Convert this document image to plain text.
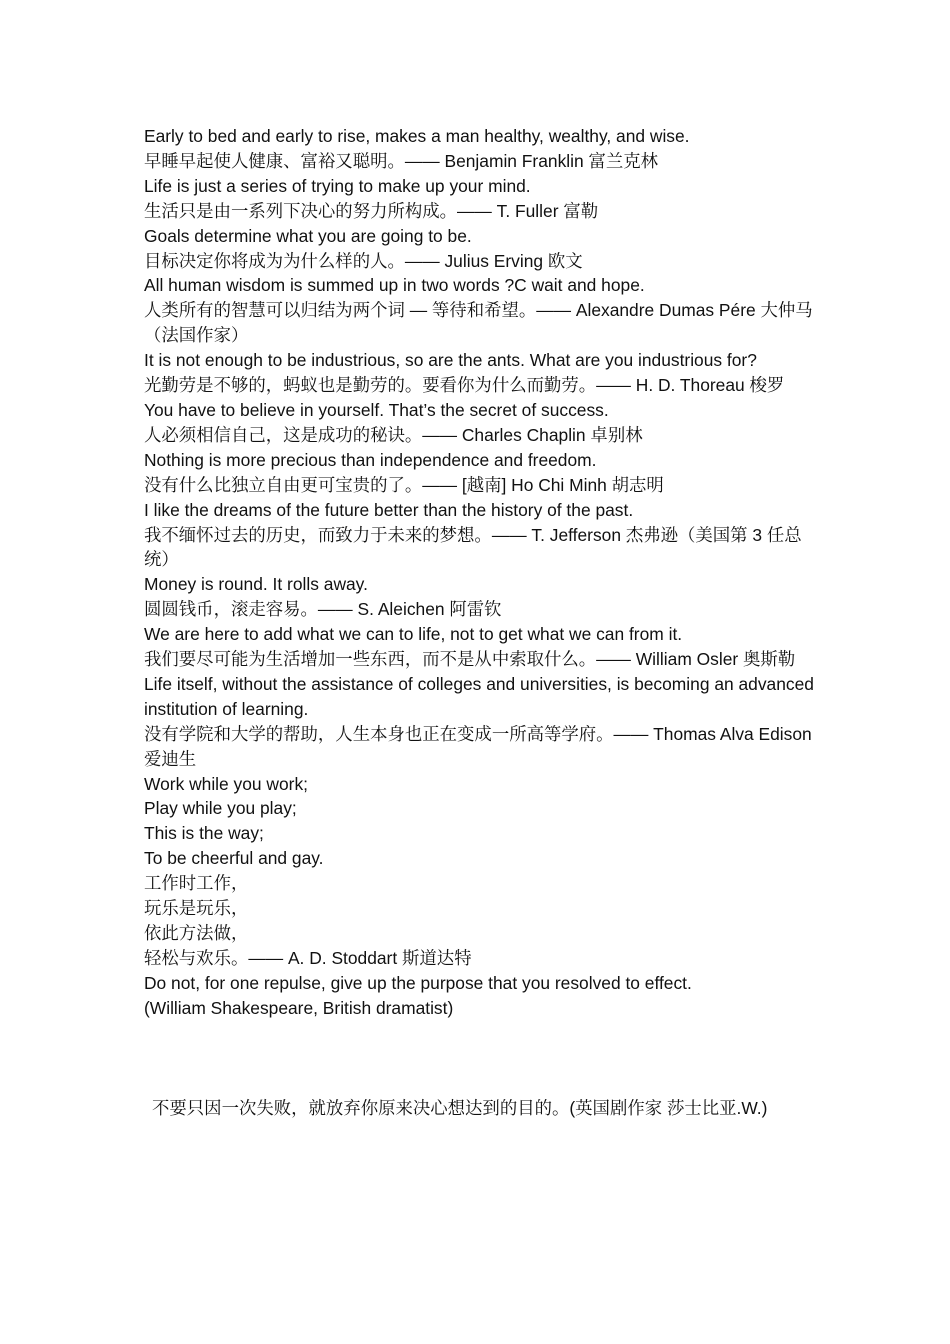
Early to bed and early to rise, makes a man healthy, wealthy, and wise.
早睡早起使人健康、富裕又聪明。—— Benjamin Franklin 富兰克林
Life is just a series of trying to make up your mind.
生活只是由一系列下决心的努力所构成。—— T. Fuller 富勒
Goals determine what you are going to be.
目标决定你将成为为什么样的人。—— Julius Erving 欧文
All human wisdom is summed up in two words ?C wait and hope.
人类所有的智慧可以归结为两个词 — 等待和希望。—— Alexandre Dumas Pére 大仲马（法国作家）
It is not enough to be industrious, so are the ants. What are you industrious for?
光勤劳是不够的，蚂蚁也是勤劳的。要看你为什么而勤劳。—— H. D. Thoreau 梭罗
You have to believe in yourself. That’s the secret of success.
人必须相信自己，这是成功的秘诀。—— Charles Chaplin 卓别林
Nothing is more precious than independence and freedom.
没有什么比独立自由更可宝贵的了。—— [越南] Ho Chi Minh 胡志明
I like the dreams of the future better than the history of the past.
我不缅怀过去的历史，而致力于未来的梦想。—— T. Jefferson 杰弗逊（美国第 3 任总统）
Money is round. It rolls away.
圆圆钱币，滚走容易。—— S. Aleichen 阿雷钦
We are here to add what we can to life, not to get what we can from it.
我们要尽可能为生活增加一些东西，而不是从中索取什么。—— William Osler 奥斯勒
Life itself, without the assistance of colleges and universities, is becoming an advanced institution of learning.
没有学院和大学的帮助，人生本身也正在变成一所高等学府。—— Thomas Alva Edison 爱迪生
Work while you work;
Play while you play;
This is the way;
To be cheerful and gay.
工作时工作，
玩乐是玩乐，
依此方法做，
轻松与欢乐。—— A. D. Stoddart 斯道达特
Do not, for one repulse, give up the purpose that you resolved to effect.
(William Shakespeare, British dramatist)
不要只因一次失败，就放弃你原来决心想达到的目的。(英国剧作家 莎士比亚.W.)
